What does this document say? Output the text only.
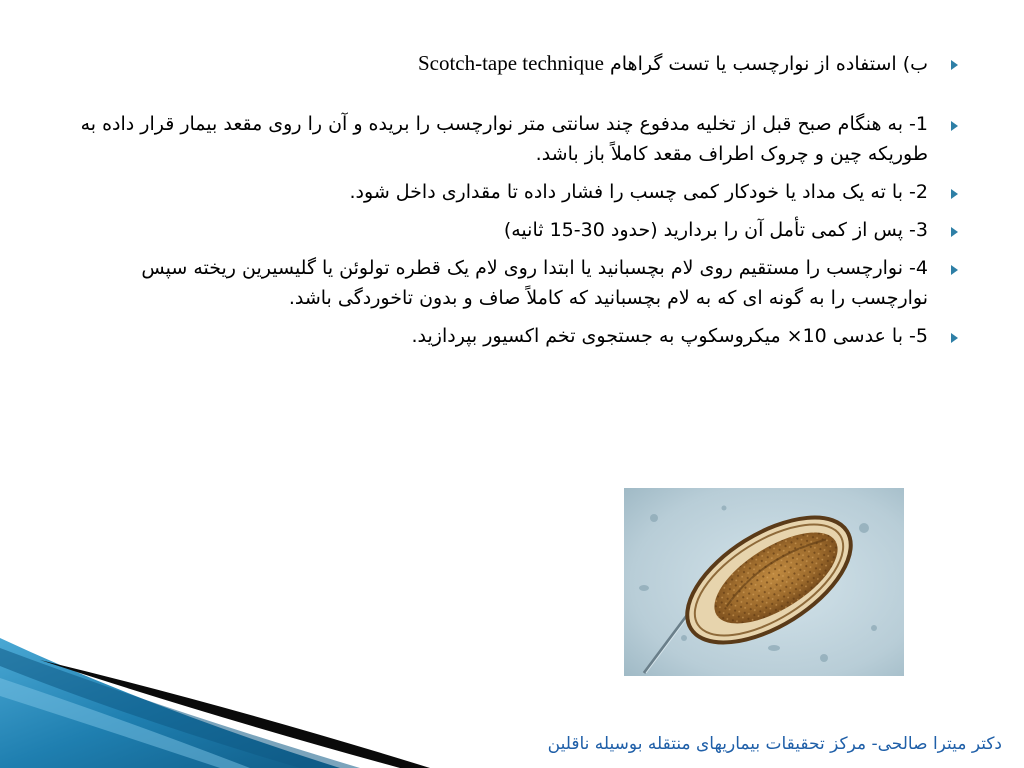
ب) استفاده از نوارچسب یا تست گراهام Scotch-tape technique
1- به هنگام صبح قبل از تخلیه مدفوع چند سانتی متر نوارچسب را بریده و آن را روی مقعد بیمار قرار داده به طوریکه چین و چروک اطراف مقعد کاملاً باز باشد.
2- با ته یک مداد یا خودکار کمی چسب را فشار داده تا مقداری داخل شود.
3- پس از کمی تأمل آن را بردارید (حدود 30-15 ثانیه)
4- نوارچسب را مستقیم روی لام بچسبانید یا ابتدا روی لام یک قطره تولوئن یا گلیسیرین ریخته سپس نوارچسب را به گونه ای که به لام بچسبانید که کاملاً صاف و بدون تاخوردگی باشد.
5- با عدسی 10× میکروسکوپ به جستجوی تخم اکسیور بپردازید.
دکتر میترا صالحی- مرکز تحقیقات بیماریهای منتقله بوسیله ناقلین
